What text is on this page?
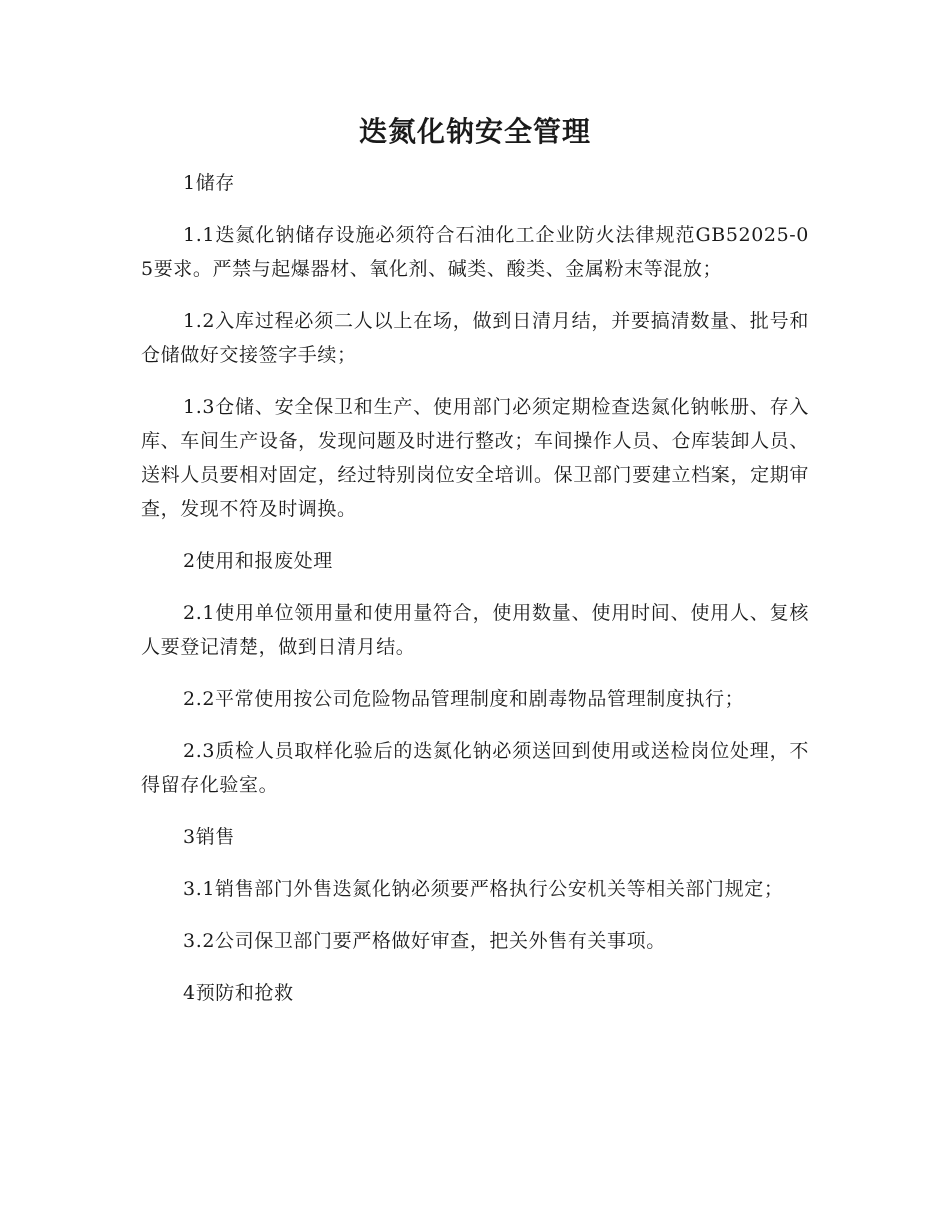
迭氮化钠安全管理

1储存

1.1迭氮化钠储存设施必须符合石油化工企业防火法律规范GB52025-05要求。严禁与起爆器材、氧化剂、碱类、酸类、金属粉末等混放；

1.2入库过程必须二人以上在场，做到日清月结，并要搞清数量、批号和仓储做好交接签字手续；

1.3仓储、安全保卫和生产、使用部门必须定期检查迭氮化钠帐册、存入库、车间生产设备，发现问题及时进行整改；车间操作人员、仓库装卸人员、送料人员要相对固定，经过特别岗位安全培训。保卫部门要建立档案，定期审查，发现不符及时调换。

2使用和报废处理

2.1使用单位领用量和使用量符合，使用数量、使用时间、使用人、复核人要登记清楚，做到日清月结。

2.2平常使用按公司危险物品管理制度和剧毒物品管理制度执行；

2.3质检人员取样化验后的迭氮化钠必须送回到使用或送检岗位处理，不得留存化验室。

3销售

3.1销售部门外售迭氮化钠必须要严格执行公安机关等相关部门规定；

3.2公司保卫部门要严格做好审查，把关外售有关事项。

4预防和抢救
